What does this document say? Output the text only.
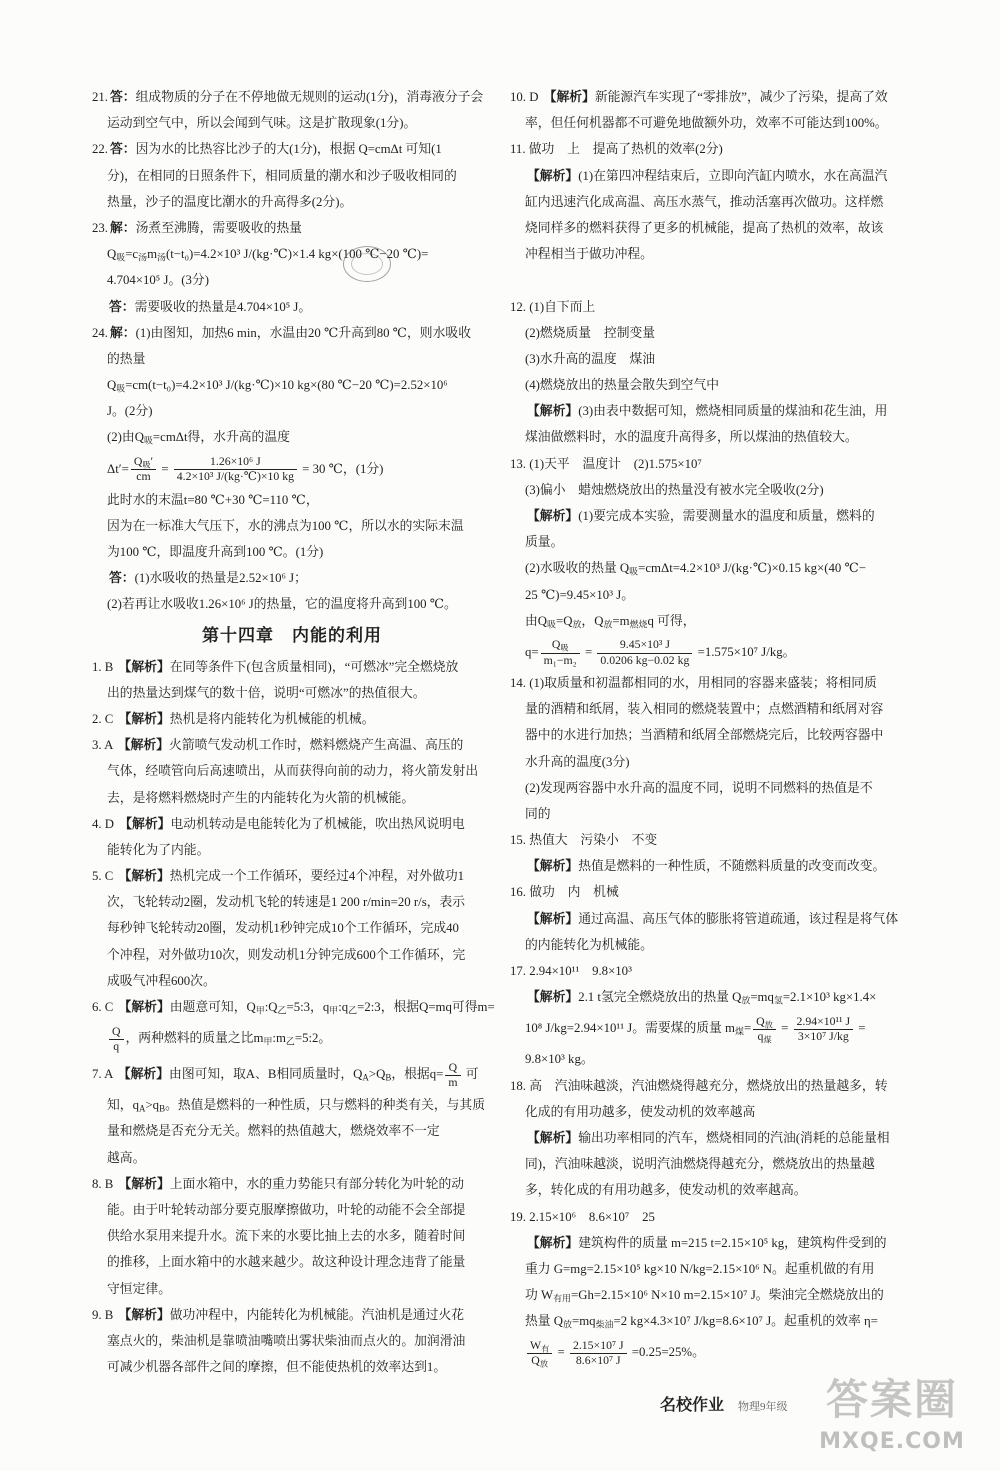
21. 答：组成物质的分子在不停地做无规则的运动(1分)，消毒液分子会
运动到空气中，所以会闻到气味。这是扩散现象(1分)。
22. 答：因为水的比热容比沙子的大(1分)，根据 Q=cmΔt 可知(1
分)，在相同的日照条件下，相同质量的潮水和沙子吸收相同的
热量，沙子的温度比潮水的升高得多(2分)。
23. 解：汤煮至沸腾，需要吸收的热量
$Q_吸=c_汤m_汤(t-t_0)=4.2\times 10^3$ J/(kg·℃)×1.4 kg×(100 ℃−20 ℃)=
4.704×10⁵ J。(3分)
答：需要吸收的热量是4.704×10⁵ J。
24. 解：(1)由图知，加热6 min，水温由20 ℃升高到80 ℃，则水吸收
的热量
$Q_吸=cm(t-t_0)=4.2\times 10^3$ J/(kg·℃)×10 kg×(80 ℃−20 ℃)=2.52×10⁶
J。(2分)
(2)由$Q_吸=cm\Delta t$得，水升高的温度
$\Delta t'= \frac{Q_吸'}{cm} = \frac{\text{1.26×10⁶ J}}{\text{4.2×10³ J/(kg·℃)×10 kg}} = 30$ ℃，(1分)
此时水的末温t=80 ℃+30 ℃=110 ℃，
因为在一标准大气压下，水的沸点为100 ℃，所以水的实际末温
为100 ℃，即温度升高到100 ℃。(1分)
答：(1)水吸收的热量是2.52×10⁶ J；
(2)若再让水吸收1.26×10⁶ J的热量，它的温度将升高到100 ℃。
第十四章　内能的利用
1. B 【解析】在同等条件下(包含质量相同)，“可燃冰”完全燃烧放
出的热量达到煤气的数十倍，说明“可燃冰”的热值很大。
2. C 【解析】热机是将内能转化为机械能的机械。
3. A 【解析】火箭喷气发动机工作时，燃料燃烧产生高温、高压的
气体，经喷管向后高速喷出，从而获得向前的动力，将火箭发射出
去，是将燃料燃烧时产生的内能转化为火箭的机械能。
4. D 【解析】电动机转动是电能转化为了机械能，吹出热风说明电
能转化为了内能。
5. C 【解析】热机完成一个工作循环，要经过4个冲程，对外做功1
次，飞轮转动2圈，发动机飞轮的转速是1 200 r/min=20 r/s，表示
每秒钟飞轮转动20圈，发动机1秒钟完成10个工作循环，完成40
个冲程，对外做功10次，则发动机1分钟完成600个工作循环，完
成吸气冲程600次。
6. C 【解析】由题意可知，$Q_甲:Q_乙=5:3$，$q_甲:q_乙=2:3$，根据Q=mq可得m=
$\frac{Q}{q}$ ，两种燃料的质量之比$m_甲:m_乙=5:2$。
7. A 【解析】由图可知，取A、B相同质量时，$Q_A>Q_B$，根据$q= \frac{Q}{m}$ 可
知，$q_A>q_B$。热值是燃料的一种性质，只与燃料的种类有关，与其质
量和燃烧是否充分无关。燃料的热值越大，燃烧效率不一定
越高。
8. B 【解析】上面水箱中，水的重力势能只有部分转化为叶轮的动
能。由于叶轮转动部分要克服摩擦做功，叶轮的动能不会全部提
供给水泵用来提升水。流下来的水要比抽上去的水多，随着时间
的推移，上面水箱中的水越来越少。故这种设计理念违背了能量
守恒定律。
9. B 【解析】做功冲程中，内能转化为机械能。汽油机是通过火花
塞点火的，柴油机是靠喷油嘴喷出雾状柴油而点火的。加润滑油
可减少机器各部件之间的摩擦，但不能使热机的效率达到1。
10. D 【解析】新能源汽车实现了“零排放”，减少了污染，提高了效
率，但任何机器都不可避免地做额外功，效率不可能达到100%。
11. 做功　上　提高了热机的效率(2分)
【解析】(1)在第四冲程结束后，立即向汽缸内喷水，水在高温汽
缸内迅速汽化成高温、高压水蒸气，推动活塞再次做功。这样燃
烧同样多的燃料获得了更多的机械能，提高了热机的效率，故该
冲程相当于做功冲程。
12. (1)自下而上
(2)燃烧质量　控制变量
(3)水升高的温度　煤油
(4)燃烧放出的热量会散失到空气中
【解析】(3)由表中数据可知，燃烧相同质量的煤油和花生油，用
煤油做燃料时，水的温度升高得多，所以煤油的热值较大。
13. (1)天平　温度计　(2)1.575×10⁷
(3)偏小　蜡烛燃烧放出的热量没有被水完全吸收(2分)
【解析】(1)要完成本实验，需要测量水的温度和质量，燃料的
质量。
(2)水吸收的热量 $Q_吸=cm\Delta t=4.2\times 10^3$ J/(kg·℃)×0.15 kg×(40 ℃−
25 ℃)=9.45×10³ J。
由$Q_吸=Q_放$，$Q_放=m_{燃烧}q$ 可得，
$q= \frac{Q_吸}{\text{m₁−m₂}} = \frac{\text{9.45×10³ J}}{0.0206 kg-0.02 kg} =1.575\times 10^7$ J/kg。
14. (1)取质量和初温都相同的水，用相同的容器来盛装；将相同质
量的酒精和纸屑，装入相同的燃烧装置中；点燃酒精和纸屑对容
器中的水进行加热；当酒精和纸屑全部燃烧完后，比较两容器中
水升高的温度(3分)
(2)发现两容器中水升高的温度不同，说明不同燃料的热值是不
同的
15. 热值大　污染小　不变
【解析】热值是燃料的一种性质，不随燃料质量的改变而改变。
16. 做功　内　机械
【解析】通过高温、高压气体的膨胀将管道疏通，该过程是将气体
的内能转化为机械能。
17. 2.94×10¹¹　9.8×10³
【解析】2.1 t氢完全燃烧放出的热量 $Q_放=mq_氢=2.1\times 10^3$ kg×1.4×
10⁸ J/kg=2.94×10¹¹ J。需要煤的质量 $m_煤= \frac{Q_放}{q_煤} = \frac{\text{2.94×10¹¹ J}}{\text{3×10⁷ J/kg}}$ =
9.8×10³ kg。
18. 高　汽油味越淡，汽油燃烧得越充分，燃烧放出的热量越多，转
化成的有用功越多，使发动机的效率越高
【解析】输出功率相同的汽车，燃烧相同的汽油(消耗的总能量相
同)，汽油味越淡，说明汽油燃烧得越充分，燃烧放出的热量越
多，转化成的有用功越多，使发动机的效率越高。
19. 2.15×10⁶　8.6×10⁷　25
【解析】建筑构件的质量 m=215 t=2.15×10⁵ kg，建筑构件受到的
重力 G=mg=2.15×10⁵ kg×10 N/kg=2.15×10⁶ N。起重机做的有用
功 $W_{有用}=Gh=2.15\times 10^6$ N×10 m=2.15×10⁷ J。柴油完全燃烧放出的
热量 $Q_放=mq_{柴油}=2$ kg×4.3×10⁷ J/kg=8.6×10⁷ J。起重机的效率 η=
$\frac{W_有}{Q_放} = \frac{\text{2.15×10⁷ J}}{\text{8.6×10⁷ J}} =0.25=25\%$。
名校作业 物理9年级 答案圈
MXQE.COM
